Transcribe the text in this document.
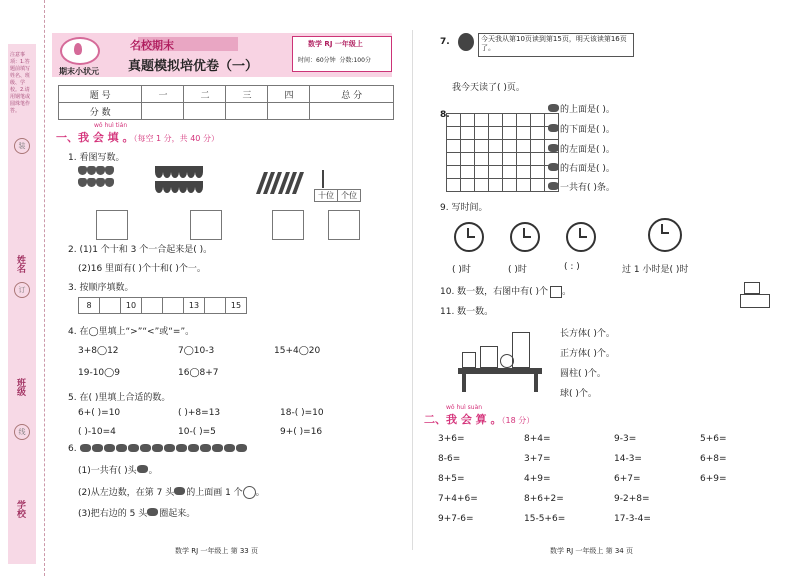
注意事项：1.答题前填写姓名、班级、学校。2.请用钢笔或圆珠笔作答。
装
姓名
订
班级
线
学校
名校期末
真题模拟培优卷（一）
期末小状元
数学 RJ 一年级上
时间：60分钟 分数:100分
题 号	一	二	三	四	总 分
分 数					
wǒ huì tián
一、我 会 填 。（每空 1 分，共 40 分）
1. 看图写数。

十位	个位
2. (1)1 个十和 3 个一合起来是( )。
(2)16 里面有( )个十和( )个一。
3. 按顺序填数。
8		10			13		15
4. 在◯里填上“>”“<”或“=”。
3+8◯12	7◯10-3	15+4◯20
19-10◯9	16◯8+7
5. 在( )里填上合适的数。
6+( )=10	( )+8=13	18-( )=10
( )-10=4	10-( )=5	9+( )=16
6.
(1)一共有( )头 。
(2)从左边数，在第 7 头 的上面画 1 个 。
(3)把右边的 5 头 圈起来。
数学 RJ 一年级上 第 33 页
7.	今天我从第10页读到第15页，明天该读第16页了。
我今天读了( )页。
8.

								的上面是( )。
的下面是( )。
的左面是( )。
的右面是( )。
一共有( )条。
9. 写时间。
( )时	( )时	( : )	过 1 小时是( )时
10. 数一数，右图中有( )个 。
11. 数一数。
长方体( )个。
正方体( )个。
圆柱( )个。
球( )个。
wǒ huì suàn
二、我 会 算 。（18 分）
3+6=	8+4=	9-3=	5+6=
8-6=	3+7=	14-3=	6+8=
8+5=	4+9=	6+7=	6+9=
7+4+6=	8+6+2=	9-2+8=
9+7-6=	15-5+6=	17-3-4=
数学 RJ 一年级上 第 34 页
